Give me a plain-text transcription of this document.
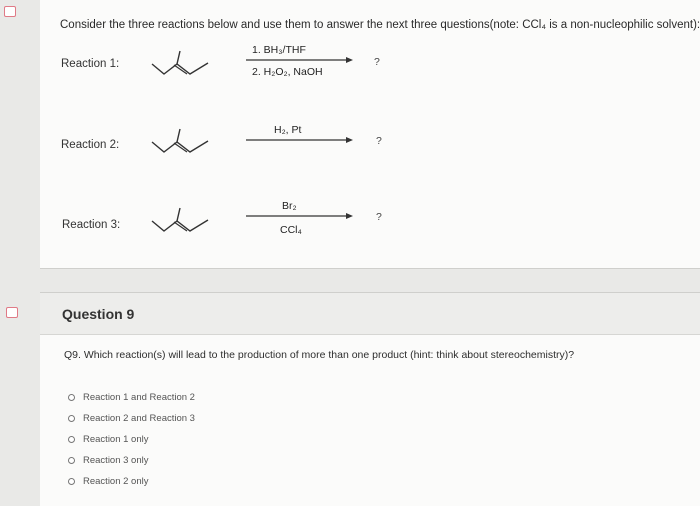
Consider the three reactions below and use them to answer the next three questions(note: CCl₄ is a non-nucleophilic solvent):
Reaction 1:
1. BH₃/THF
2. H₂O₂, NaOH
?
Reaction 2:
H₂, Pt
?
Reaction 3:
Br₂
CCl₄
?
Question 9
Q9. Which reaction(s) will lead to the production of more than one product (hint: think about stereochemistry)?
Reaction 1 and Reaction 2
Reaction 2 and Reaction 3
Reaction 1 only
Reaction 3 only
Reaction 2 only
